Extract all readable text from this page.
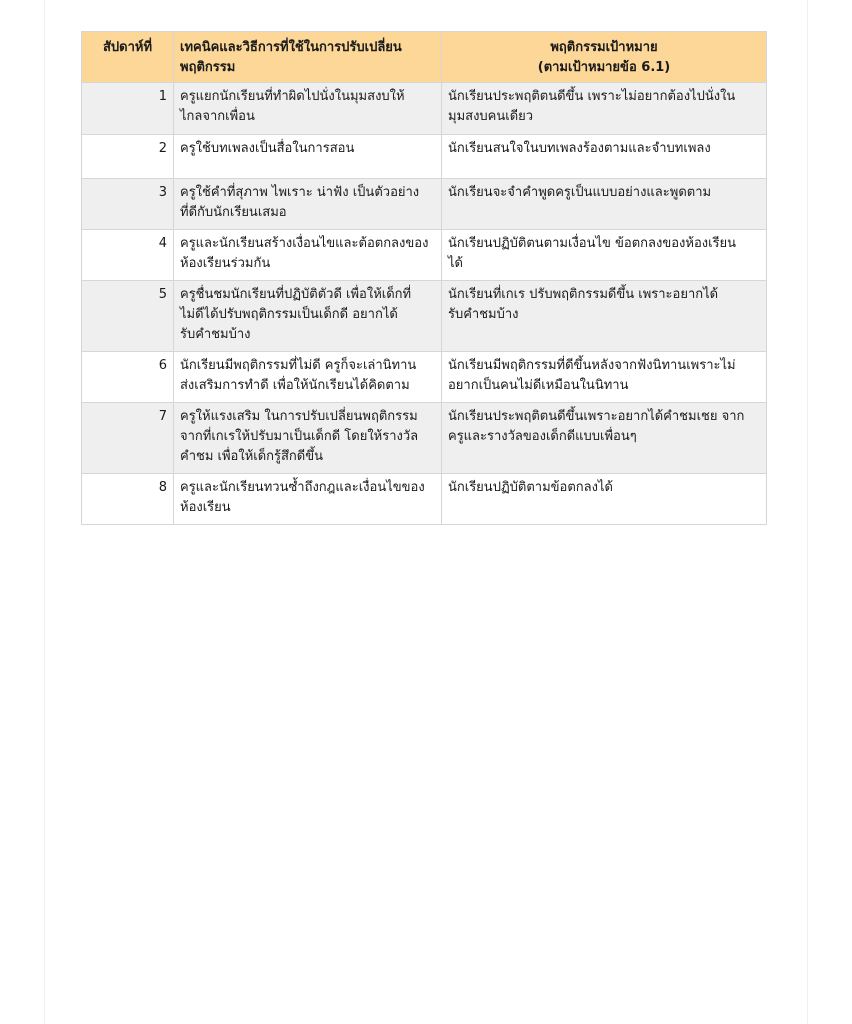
สัปดาห์ที่	เทคนิคและวิธีการที่ใช้ในการปรับเปลี่ยน
พฤติกรรม	พฤติกรรมเป้าหมาย
(ตามเป้าหมายข้อ 6.1)

1	ครูแยกนักเรียนที่ทำผิดไปนั่งในมุมสงบให้
ไกลจากเพื่อน	นักเรียนประพฤติตนดีขึ้น เพราะไม่อยากต้องไปนั่งใน
มุมสงบคนเดียว

2	ครูใช้บทเพลงเป็นสื่อในการสอน	นักเรียนสนใจในบทเพลงร้องตามและจำบทเพลง

3	ครูใช้คำที่สุภาพ ไพเราะ น่าฟัง เป็นตัวอย่าง
ที่ดีกับนักเรียนเสมอ	นักเรียนจะจำคำพูดครูเป็นแบบอย่างและพูดตาม

4	ครูและนักเรียนสร้างเงื่อนไขและต้อตกลงของ
ห้องเรียนร่วมกัน	นักเรียนปฏิบัติตนตามเงื่อนไข ข้อตกลงของห้องเรียน
ได้

5	ครูชื่นชมนักเรียนที่ปฏิบัติตัวดี เพื่อให้เด็กที่
ไม่ดีได้ปรับพฤติกรรมเป็นเด็กดี อยากได้
รับคำชมบ้าง	นักเรียนที่เกเร ปรับพฤติกรรมดีขึ้น เพราะอยากได้
รับคำชมบ้าง

6	นักเรียนมีพฤติกรรมที่ไม่ดี ครูก็จะเล่านิทาน
ส่งเสริมการทำดี เพื่อให้นักเรียนได้คิดตาม	นักเรียนมีพฤติกรรมที่ดีขึ้นหลังจากฟังนิทานเพราะไม่
อยากเป็นคนไม่ดีเหมือนในนิทาน

7	ครูให้แรงเสริม ในการปรับเปลี่ยนพฤติกรรม
จากที่เกเรให้ปรับมาเป็นเด็กดี โดยให้รางวัล
คำชม เพื่อให้เด็กรู้สึกดีขึ้น	นักเรียนประพฤติตนดีขึ้นเพราะอยากได้คำชมเชย จาก
ครูและรางวัลของเด็กดีแบบเพื่อนๆ

8	ครูและนักเรียนทวนซ้ำถึงกฎและเงื่อนไขของ
ห้องเรียน	นักเรียนปฏิบัติตามข้อตกลงได้
